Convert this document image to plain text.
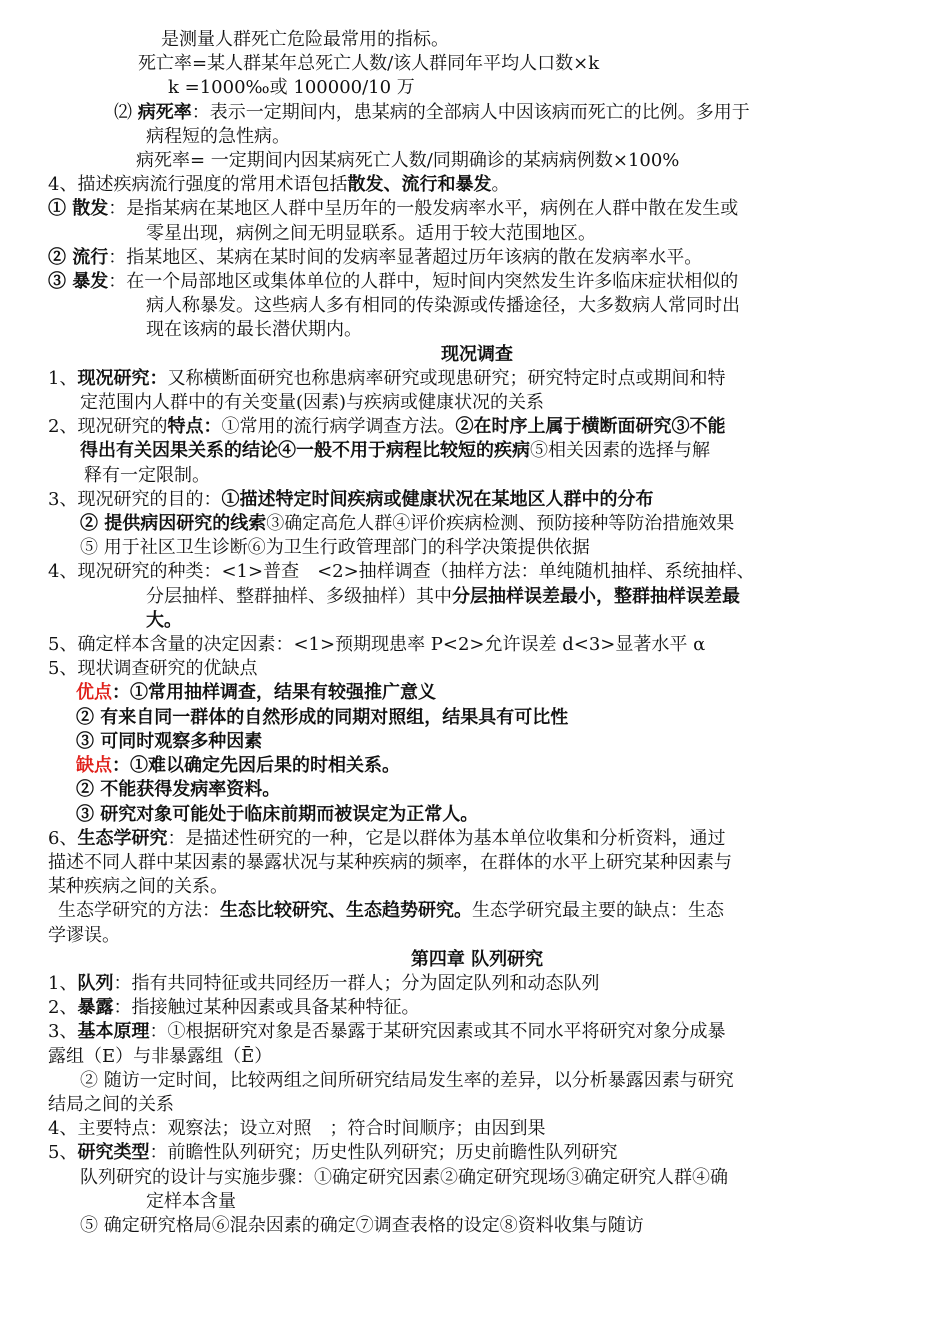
是测量人群死亡危险最常用的指标。
死亡率=某人群某年总死亡人数/该人群同年平均人口数×k
k =1000‰或 100000/10 万
⑵ 病死率：表示一定期间内，患某病的全部病人中因该病而死亡的比例。多用于
病程短的急性病。
病死率= 一定期间内因某病死亡人数/同期确诊的某病病例数×100%
4、描述疾病流行强度的常用术语包括散发、流行和暴发。
① 散发：是指某病在某地区人群中呈历年的一般发病率水平，病例在人群中散在发生或
零星出现，病例之间无明显联系。适用于较大范围地区。
② 流行：指某地区、某病在某时间的发病率显著超过历年该病的散在发病率水平。
③ 暴发：在一个局部地区或集体单位的人群中，短时间内突然发生许多临床症状相似的
病人称暴发。这些病人多有相同的传染源或传播途径，大多数病人常同时出
现在该病的最长潜伏期内。
现况调查
1、现况研究：又称横断面研究也称患病率研究或现患研究；研究特定时点或期间和特
定范围内人群中的有关变量(因素)与疾病或健康状况的关系
2、现况研究的特点：①常用的流行病学调查方法。②在时序上属于横断面研究③不能
得出有关因果关系的结论④一般不用于病程比较短的疾病⑤相关因素的选择与解
释有一定限制。
3、现况研究的目的：①描述特定时间疾病或健康状况在某地区人群中的分布
② 提供病因研究的线索③确定高危人群④评价疾病检测、预防接种等防治措施效果
⑤ 用于社区卫生诊断⑥为卫生行政管理部门的科学决策提供依据
4、现况研究的种类：<1>普查　<2>抽样调查（抽样方法：单纯随机抽样、系统抽样、
分层抽样、整群抽样、多级抽样）其中分层抽样误差最小，整群抽样误差最
大。
5、确定样本含量的决定因素：<1>预期现患率 P<2>允许误差 d<3>显著水平 α
5、现状调查研究的优缺点
优点：①常用抽样调查，结果有较强推广意义
② 有来自同一群体的自然形成的同期对照组，结果具有可比性
③ 可同时观察多种因素
缺点：①难以确定先因后果的时相关系。
② 不能获得发病率资料。
③ 研究对象可能处于临床前期而被误定为正常人。
6、生态学研究：是描述性研究的一种，它是以群体为基本单位收集和分析资料，通过
描述不同人群中某因素的暴露状况与某种疾病的频率，在群体的水平上研究某种因素与
某种疾病之间的关系。
生态学研究的方法：生态比较研究、生态趋势研究。生态学研究最主要的缺点：生态
学谬误。
第四章 队列研究
1、队列：指有共同特征或共同经历一群人；分为固定队列和动态队列
2、暴露：指接触过某种因素或具备某种特征。
3、基本原理：①根据研究对象是否暴露于某研究因素或其不同水平将研究对象分成暴
露组（E）与非暴露组（Ē）
② 随访一定时间，比较两组之间所研究结局发生率的差异，以分析暴露因素与研究
结局之间的关系
4、主要特点：观察法；设立对照　；符合时间顺序；由因到果
5、研究类型：前瞻性队列研究；历史性队列研究；历史前瞻性队列研究
队列研究的设计与实施步骤：①确定研究因素②确定研究现场③确定研究人群④确
定样本含量
⑤ 确定研究格局⑥混杂因素的确定⑦调查表格的设定⑧资料收集与随访
